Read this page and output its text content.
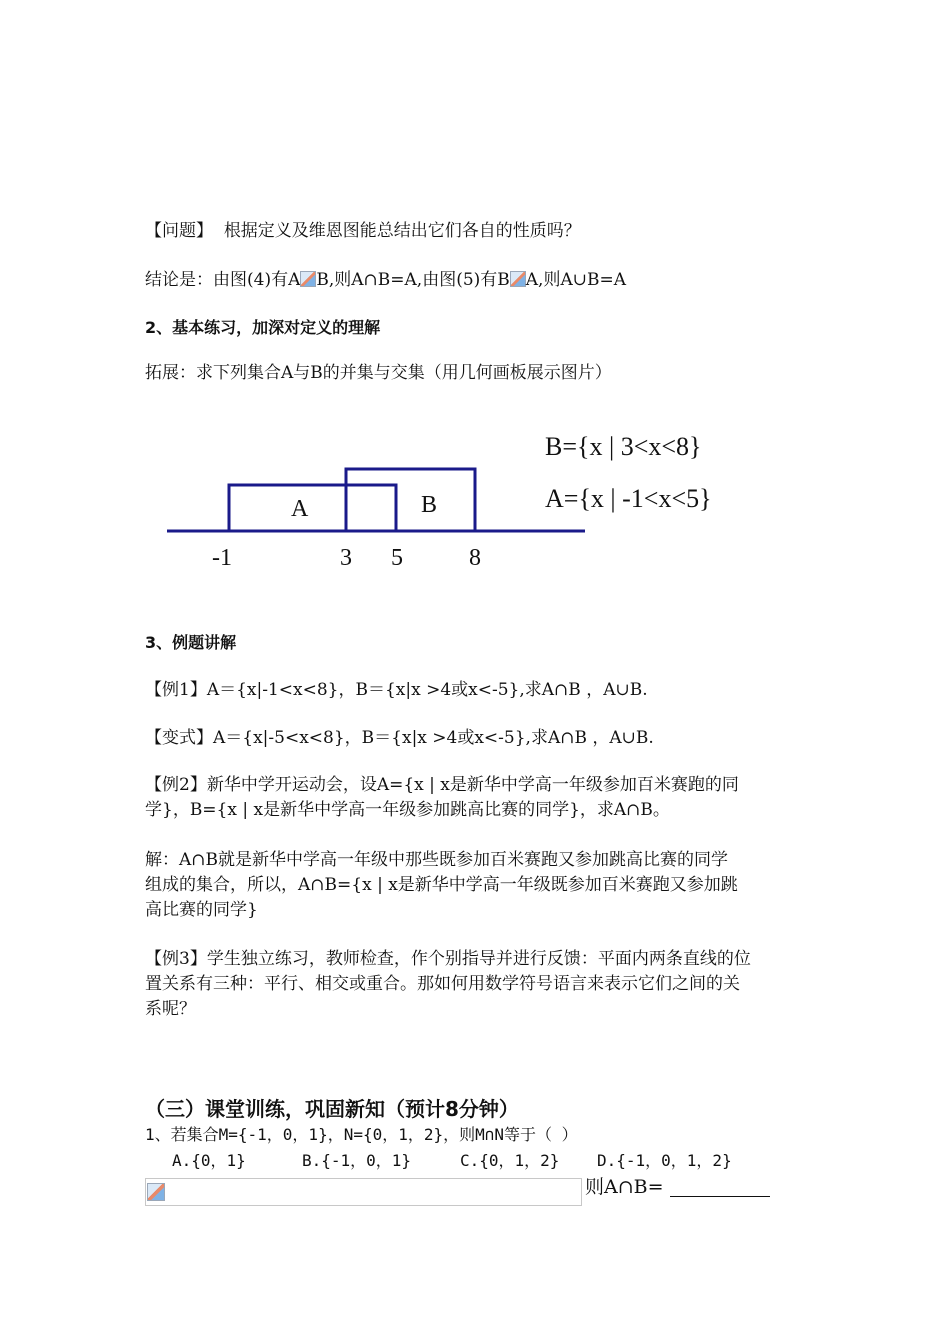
【问题】 根据定义及维恩图能总结出它们各自的性质吗？
结论是：由图(4)有A B,则A∩B=A,由图(5)有B A,则A∪B=A
2、基本练习，加深对定义的理解
拓展：求下列集合A与B的并集与交集（用几何画板展示图片）
A	B
-1	3 5	8
B={x | 3<x<8}
A={x | -1<x<5}
3、例题讲解
【例1】A＝{x|-1<x<8}，B＝{x|x >4或x<-5},求A∩B ，A∪B.
【变式】A＝{x|-5<x<8}，B＝{x|x >4或x<-5},求A∩B ，A∪B.
【例2】新华中学开运动会，设A={x | x是新华中学高一年级参加百米赛跑的同
学}，B={x | x是新华中学高一年级参加跳高比赛的同学}，求A∩B。
解：A∩B就是新华中学高一年级中那些既参加百米赛跑又参加跳高比赛的同学
组成的集合，所以，A∩B={x | x是新华中学高一年级既参加百米赛跑又参加跳
高比赛的同学}
【例3】学生独立练习，教师检查，作个别指导并进行反馈：平面内两条直线的位
置关系有三种：平行、相交或重合。那如何用数学符号语言来表示它们之间的关
系呢？
（三）课堂训练，巩固新知（预计8分钟）
1、若集合M={-1，0，1}，N={0，1，2}，则M∩N等于（ ）
A.{0，1}	B.{-1，0，1}	C.{0，1，2} D.{-1，0，1，2}
则A∩B=
